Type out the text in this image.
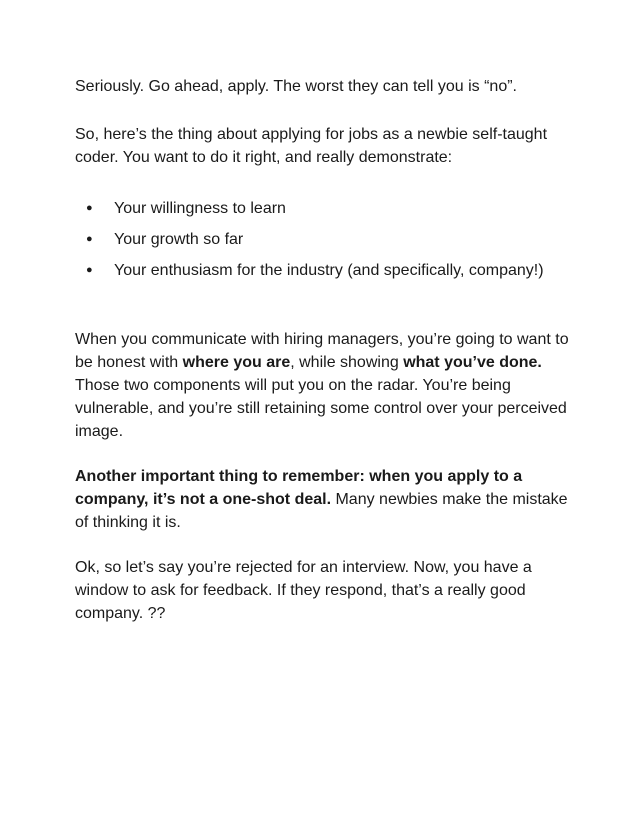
Seriously. Go ahead, apply. The worst they can tell you is “no”.

So, here’s the thing about applying for jobs as a newbie self-taught coder. You want to do it right, and really demonstrate:

● Your willingness to learn
● Your growth so far
● Your enthusiasm for the industry (and specifically, company!)

When you communicate with hiring managers, you’re going to want to be honest with where you are, while showing what you’ve done. Those two components will put you on the radar. You’re being vulnerable, and you’re still retaining some control over your perceived image.

Another important thing to remember: when you apply to a company, it’s not a one-shot deal. Many newbies make the mistake of thinking it is.

Ok, so let’s say you’re rejected for an interview. Now, you have a window to ask for feedback. If they respond, that’s a really good company. ??
